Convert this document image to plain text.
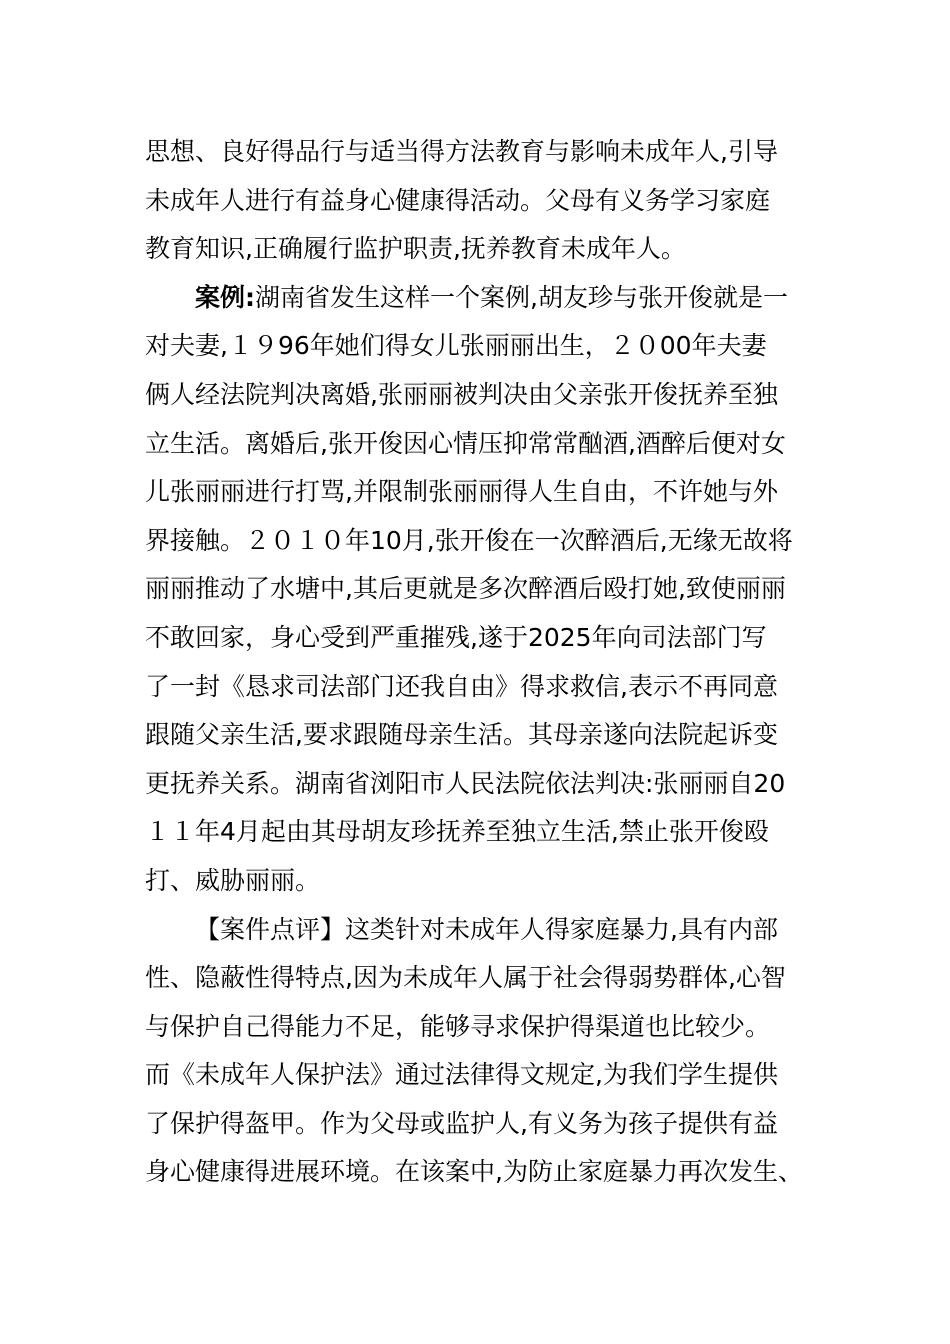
思想、良好得品行与适当得方法教育与影响未成年人,引导
未成年人进行有益身心健康得活动。父母有义务学习家庭
教育知识,正确履行监护职责,抚养教育未成年人。
案例:湖南省发生这样一个案例,胡友珍与张开俊就是一
对夫妻,１９96年她们得女儿张丽丽出生，２０00年夫妻
俩人经法院判决离婚,张丽丽被判决由父亲张开俊抚养至独
立生活。离婚后,张开俊因心情压抑常常酗酒,酒醉后便对女
儿张丽丽进行打骂,并限制张丽丽得人生自由，不许她与外
界接触。２０１０年10月,张开俊在一次醉酒后,无缘无故将
丽丽推动了水塘中,其后更就是多次醉酒后殴打她,致使丽丽
不敢回家，身心受到严重摧残,遂于2025年向司法部门写
了一封《恳求司法部门还我自由》得求救信,表示不再同意
跟随父亲生活,要求跟随母亲生活。其母亲遂向法院起诉变
更抚养关系。湖南省浏阳市人民法院依法判决:张丽丽自20
１１年4月起由其母胡友珍抚养至独立生活,禁止张开俊殴
打、威胁丽丽。
【案件点评】这类针对未成年人得家庭暴力,具有内部
性、隐蔽性得特点,因为未成年人属于社会得弱势群体,心智
与保护自己得能力不足，能够寻求保护得渠道也比较少。
而《未成年人保护法》通过法律得文规定,为我们学生提供
了保护得盔甲。作为父母或监护人,有义务为孩子提供有益
身心健康得进展环境。在该案中,为防止家庭暴力再次发生、
